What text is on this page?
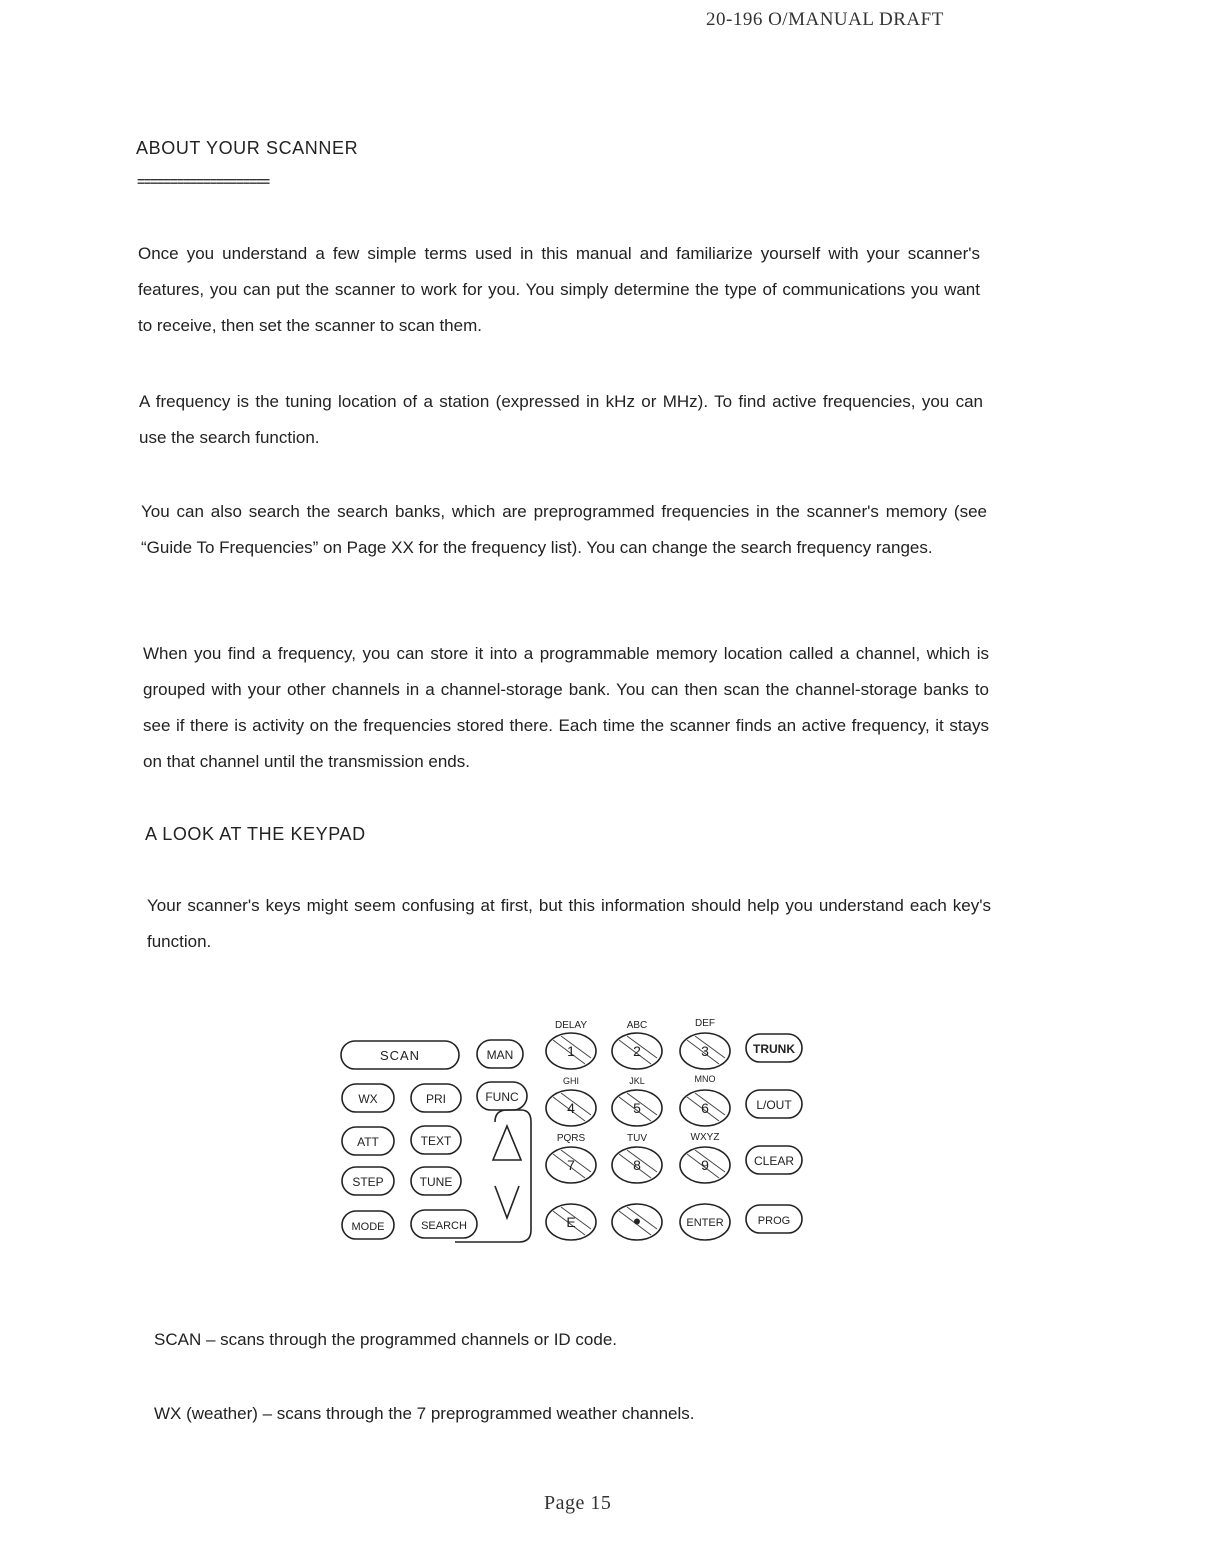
20-196 O/MANUAL DRAFT
ABOUT YOUR SCANNER
====================
Once you understand a few simple terms used in this manual and familiarize yourself with your scanner's features, you can put the scanner to work for you. You simply determine the type of communications you want to receive, then set the scanner to scan them.
A frequency is the tuning location of a station (expressed in kHz or MHz). To find active frequencies, you can use the search function.
You can also search the search banks, which are preprogrammed frequencies in the scanner's memory (see “Guide To Frequencies” on Page XX for the frequency list). You can change the search frequency ranges.
When you find a frequency, you can store it into a programmable memory location called a channel, which is grouped with your other channels in a channel-storage bank. You can then scan the channel-storage banks to see if there is activity on the frequencies stored there. Each time the scanner finds an active frequency, it stays on that channel until the transmission ends.
A LOOK AT THE KEYPAD
Your scanner's keys might seem confusing at first, but this information should help you understand each key's function.
DELAY	ABC	DEF
GHI	JKL	MNO
PQRS	TUV	WXYZ
1	2	3
4	5	6
7	8	9
E	•	ENTER
SCAN	MAN
WX	PRI	FUNC
ATT	TEXT
STEP	TUNE
MODE	SEARCH
TRUNK
L/OUT
CLEAR
PROG
SCAN – scans through the programmed channels or ID code.
WX (weather) – scans through the 7 preprogrammed weather channels.
Page 15
